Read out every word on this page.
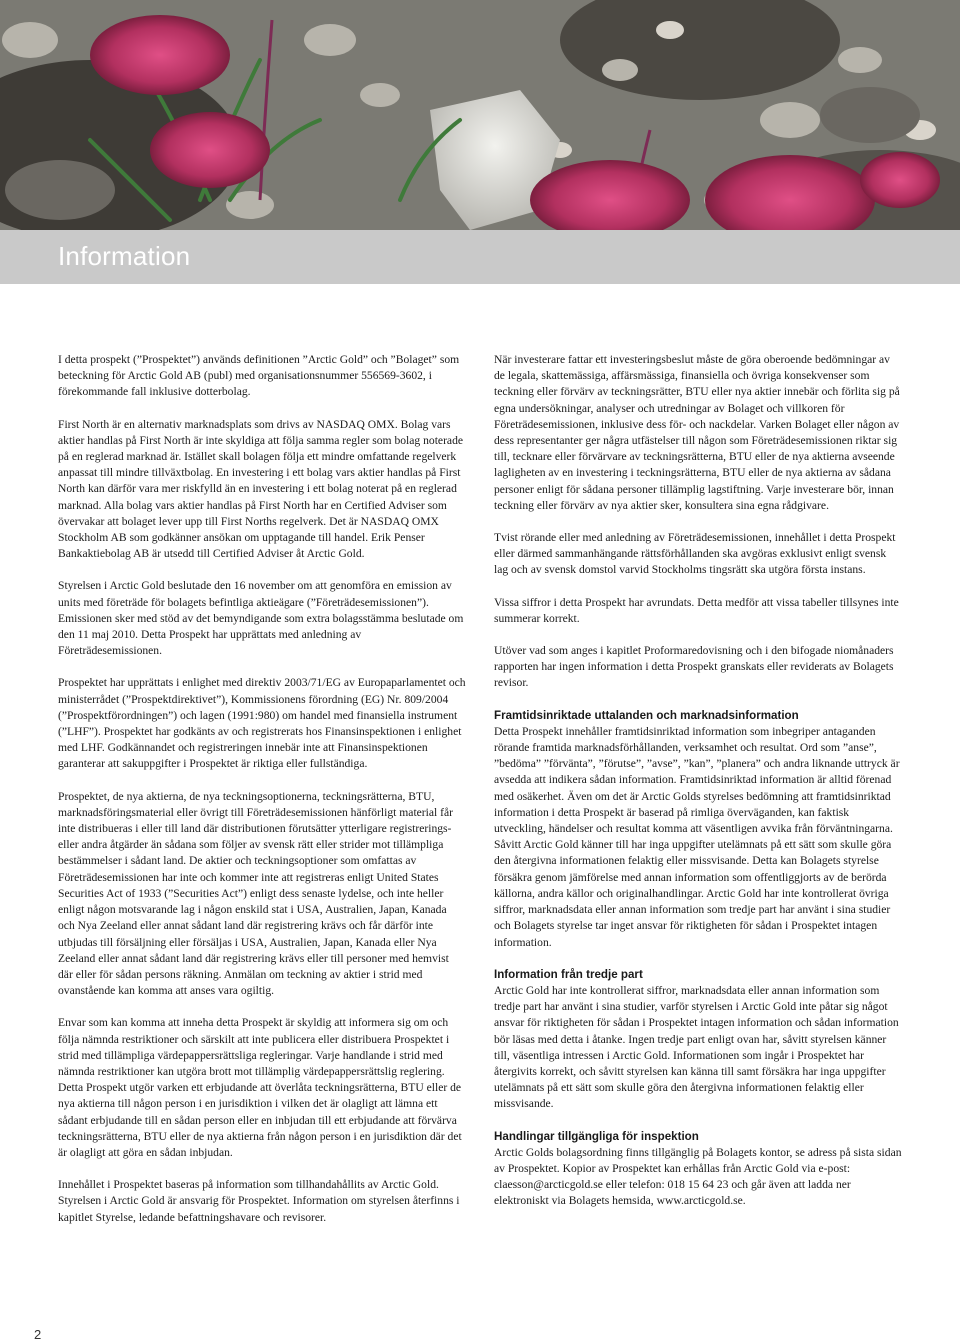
Information

I detta prospekt (”Prospektet”) används definitionen ”Arctic Gold” och ”Bolaget” som beteckning för Arctic Gold AB (publ) med organisationsnummer 556569-3602, i förekommande fall inklusive dotterbolag.

First North är en alternativ marknadsplats som drivs av NASDAQ OMX. Bolag vars aktier handlas på First North är inte skyldiga att följa samma regler som bolag noterade på en reglerad marknad är. Istället skall bolagen följa ett mindre omfattande regelverk anpassat till mindre tillväxtbolag. En investering i ett bolag vars aktier handlas på First North kan därför vara mer riskfylld än en investering i ett bolag noterat på en reglerad marknad. Alla bolag vars aktier handlas på First North har en Certified Adviser som övervakar att bolaget lever upp till First Norths regelverk. Det är NASDAQ OMX Stockholm AB som godkänner ansökan om upptagande till handel. Erik Penser Bankaktiebolag AB är utsedd till Certified Adviser åt Arctic Gold.

Styrelsen i Arctic Gold beslutade den 16 november om att genomföra en emission av units med företräde för bolagets befintliga aktieägare (”Företrädesemissionen”). Emissionen sker med stöd av det bemyndigande som extra bolagsstämma beslutade om den 11 maj 2010. Detta Prospekt har upprättats med anledning av Företrädesemissionen.

Prospektet har upprättats i enlighet med direktiv 2003/71/EG av Europaparlamentet och ministerrådet (”Prospektdirektivet”), Kommissionens förordning (EG) Nr. 809/2004 (”Prospektförordningen”) och lagen (1991:980) om handel med finansiella instrument (”LHF”). Prospektet har godkänts av och registrerats hos Finansinspektionen i enlighet med LHF. Godkännandet och registreringen innebär inte att Finansinspektionen garanterar att sakuppgifter i Prospektet är riktiga eller fullständiga.

Prospektet, de nya aktierna, de nya teckningsoptionerna, teckningsrätterna, BTU, marknadsföringsmaterial eller övrigt till Företrädesemissionen hänförligt material får inte distribueras i eller till land där distributionen förutsätter ytterligare registrerings- eller andra åtgärder än sådana som följer av svensk rätt eller strider mot tillämpliga bestämmelser i sådant land. De aktier och teckningsoptioner som omfattas av Företrädesemissionen har inte och kommer inte att registreras enligt United States Securities Act of 1933 (”Securities Act”) enligt dess senaste lydelse, och inte heller enligt någon motsvarande lag i någon enskild stat i USA, Australien, Japan, Kanada och Nya Zeeland eller annat sådant land där registrering krävs och får därför inte utbjudas till försäljning eller försäljas i USA, Australien, Japan, Kanada eller Nya Zeeland eller annat sådant land där registrering krävs eller till personer med hemvist där eller för sådan persons räkning. Anmälan om teckning av aktier i strid med ovanstående kan komma att anses vara ogiltig.

Envar som kan komma att inneha detta Prospekt är skyldig att informera sig om och följa nämnda restriktioner och särskilt att inte publicera eller distribuera Prospektet i strid med tillämpliga värdepappersrättsliga regleringar. Varje handlande i strid med nämnda restriktioner kan utgöra brott mot tillämplig värdepappersrättslig reglering. Detta Prospekt utgör varken ett erbjudande att överlåta teckningsrätterna, BTU eller de nya aktierna till någon person i en jurisdiktion i vilken det är olagligt att lämna ett sådant erbjudande till en sådan person eller en inbjudan till ett erbjudande att förvärva teckningsrätterna, BTU eller de nya aktierna från någon person i en jurisdiktion där det är olagligt att göra en sådan inbjudan.

Innehållet i Prospektet baseras på information som tillhandahållits av Arctic Gold. Styrelsen i Arctic Gold är ansvarig för Prospektet. Information om styrelsen återfinns i kapitlet Styrelse, ledande befattningshavare och revisorer.

När investerare fattar ett investeringsbeslut måste de göra oberoende bedömningar av de legala, skattemässiga, affärsmässiga, finansiella och övriga konsekvenser som teckning eller förvärv av teckningsrätter, BTU eller nya aktier innebär och förlita sig på egna undersökningar, analyser och utredningar av Bolaget och villkoren för Företrädesemissionen, inklusive dess för- och nackdelar. Varken Bolaget eller någon av dess representanter ger några utfästelser till någon som Företrädesemissionen riktar sig till, tecknare eller förvärvare av teckningsrätterna, BTU eller de nya aktierna avseende lagligheten av en investering i teckningsrätterna, BTU eller de nya aktierna av sådana personer enligt för sådana personer tillämplig lagstiftning. Varje investerare bör, innan teckning eller förvärv av nya aktier sker, konsultera sina egna rådgivare.

Tvist rörande eller med anledning av Företrädesemissionen, innehållet i detta Prospekt eller därmed sammanhängande rättsförhållanden ska avgöras exklusivt enligt svensk lag och av svensk domstol varvid Stockholms tingsrätt ska utgöra första instans.

Vissa siffror i detta Prospekt har avrundats. Detta medför att vissa tabeller tillsynes inte summerar korrekt.

Utöver vad som anges i kapitlet Proformaredovisning och i den bifogade niomånaders rapporten har ingen information i detta Prospekt granskats eller reviderats av Bolagets revisor.

Framtidsinriktade uttalanden och marknadsinformation

Detta Prospekt innehåller framtidsinriktad information som inbegriper antaganden rörande framtida marknadsförhållanden, verksamhet och resultat. Ord som ”anse”, ”bedöma” ”förvänta”, ”förutse”, ”avse”, ”kan”, ”planera” och andra liknande uttryck är avsedda att indikera sådan information. Framtidsinriktad information är alltid förenad med osäkerhet. Även om det är Arctic Golds styrelses bedömning att framtidsinriktad information i detta Prospekt är baserad på rimliga överväganden, kan faktisk utveckling, händelser och resultat komma att väsentligen avvika från förväntningarna. Såvitt Arctic Gold känner till har inga uppgifter utelämnats på ett sätt som skulle göra den återgivna informationen felaktig eller missvisande. Detta kan Bolagets styrelse försäkra genom jämförelse med annan information som offentliggjorts av de berörda källorna, andra källor och originalhandlingar. Arctic Gold har inte kontrollerat övriga siffror, marknadsdata eller annan information som tredje part har använt i sina studier och Bolagets styrelse tar inget ansvar för riktigheten för sådan i Prospektet intagen information.

Information från tredje part

Arctic Gold har inte kontrollerat siffror, marknadsdata eller annan information som tredje part har använt i sina studier, varför styrelsen i Arctic Gold inte påtar sig något ansvar för riktigheten för sådan i Prospektet intagen information och sådan information bör läsas med detta i åtanke. Ingen tredje part enligt ovan har, såvitt styrelsen känner till, väsentliga intressen i Arctic Gold. Informationen som ingår i Prospektet har återgivits korrekt, och såvitt styrelsen kan känna till samt försäkra har inga uppgifter utelämnats på ett sätt som skulle göra den återgivna informationen felaktig eller missvisande.

Handlingar tillgängliga för inspektion

Arctic Golds bolagsordning finns tillgänglig på Bolagets kontor, se adress på sista sidan av Prospektet. Kopior av Prospektet kan erhållas från Arctic Gold via e-post: claesson@arcticgold.se eller telefon: 018 15 64 23 och går även att ladda ner elektroniskt via Bolagets hemsida, www.arcticgold.se.

2
